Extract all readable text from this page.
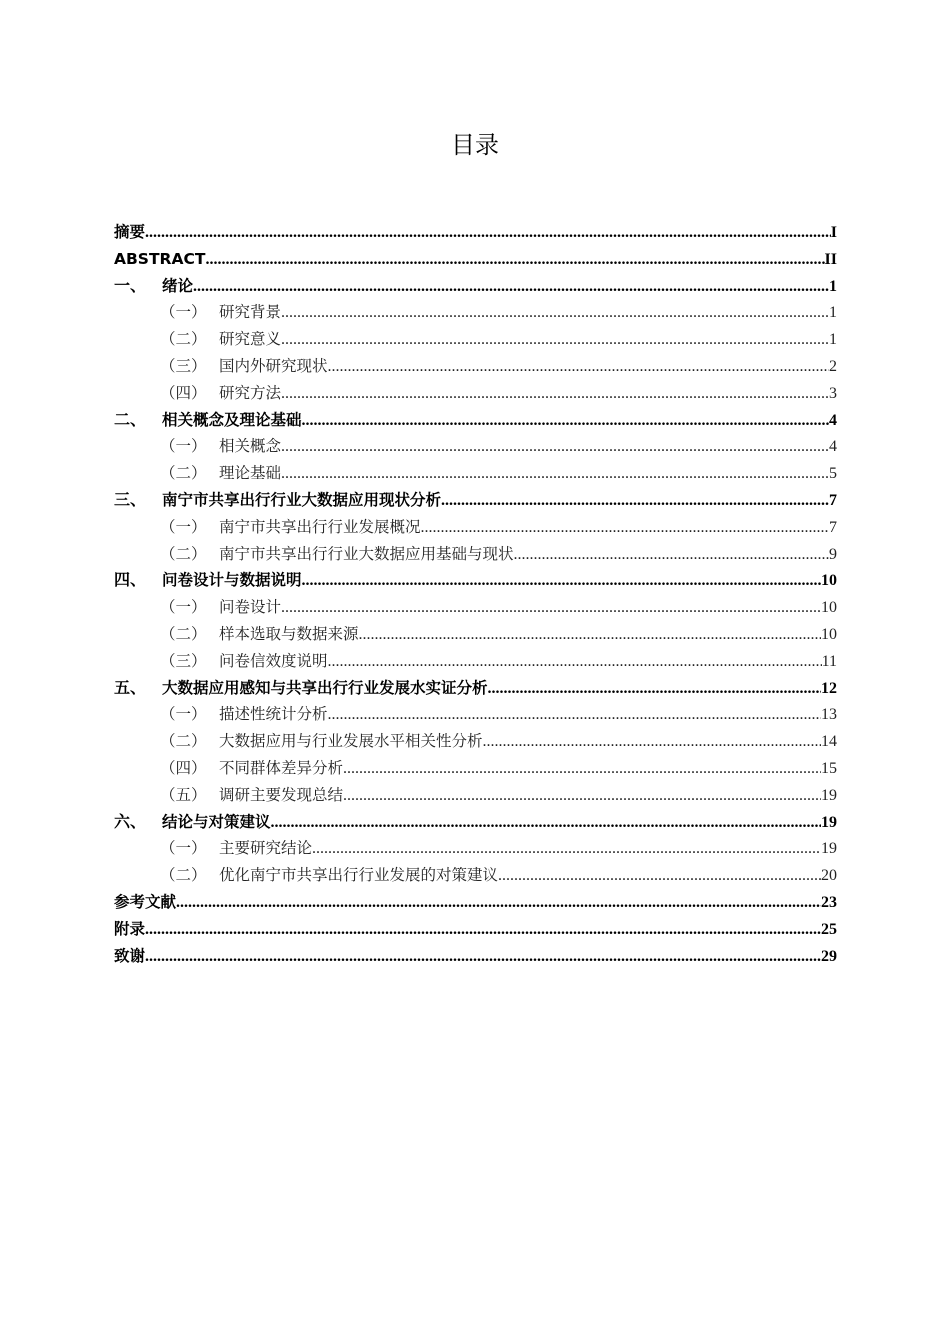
目录
摘要 .....	I
ABSTRACT .....	II
一、	绪论 .....	1
（一） 研究背景 .....	1
（二） 研究意义 .....	1
（三） 国内外研究现状 .....	2
（四） 研究方法 .....	3
二、	相关概念及理论基础 .....	4
（一） 相关概念 .....	4
（二） 理论基础 .....	5
三、	南宁市共享出行行业大数据应用现状分析 .....	7
（一） 南宁市共享出行行业发展概况 .....	7
（二） 南宁市共享出行行业大数据应用基础与现状 .....	9
四、	问卷设计与数据说明 .....	10
（一） 问卷设计 .....	10
（二） 样本选取与数据来源 .....	10
（三） 问卷信效度说明 .....	11
五、	大数据应用感知与共享出行行业发展水实证分析 .....	12
（一） 描述性统计分析 .....	13
（二） 大数据应用与行业发展水平相关性分析 .....	14
（四） 不同群体差异分析 .....	15
（五） 调研主要发现总结 .....	19
六、	结论与对策建议 .....	19
（一） 主要研究结论 .....	19
（二） 优化南宁市共享出行行业发展的对策建议 .....	20
参考文献 .....	23
附录 .....	25
致谢 .....	29
